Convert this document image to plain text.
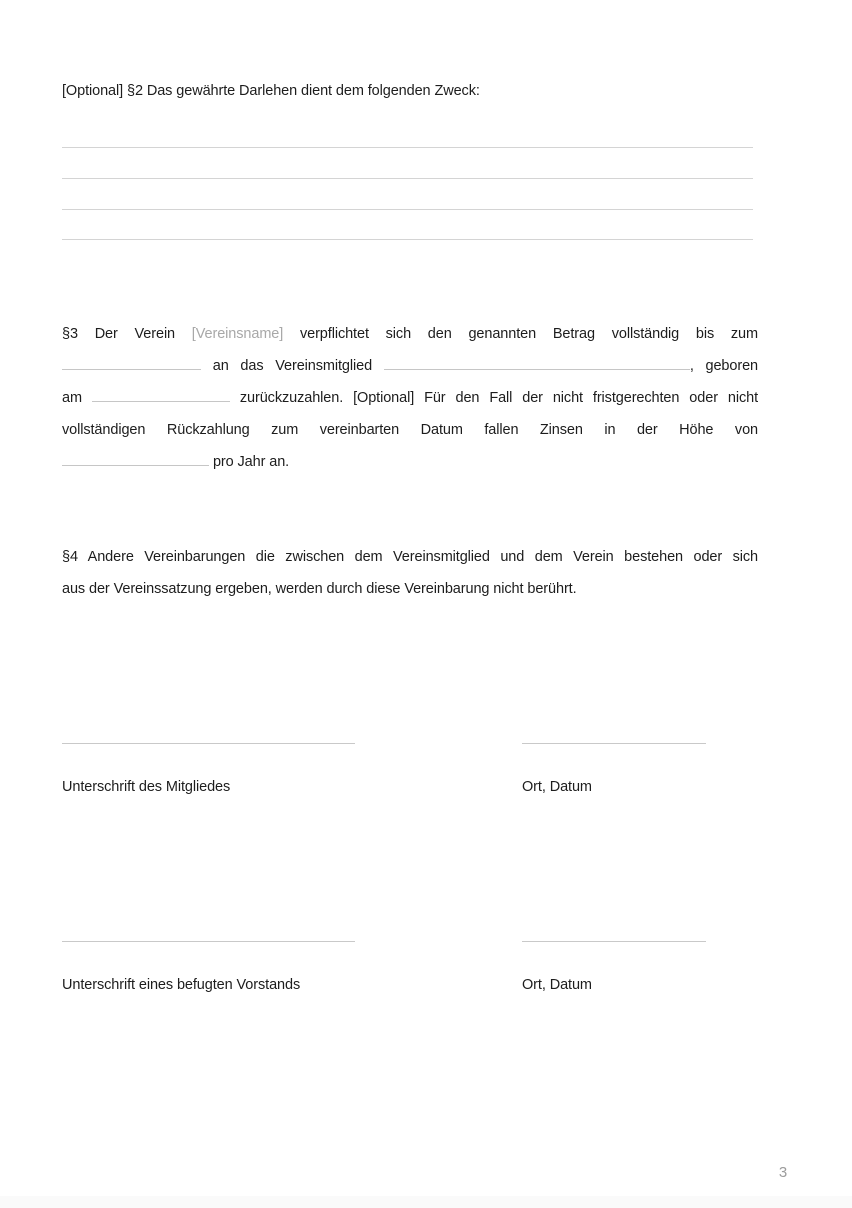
[Optional] §2 Das gewährte Darlehen dient dem folgenden Zweck:
§3 Der Verein [Vereinsname] verpflichtet sich den genannten Betrag vollständig bis zum
an das Vereinsmitglied	, geboren
am	zurückzuzahlen. [Optional] Für den Fall der nicht fristgerechten oder nicht
vollständigen Rückzahlung zum vereinbarten Datum fallen Zinsen in der Höhe von
pro Jahr an.
§4 Andere Vereinbarungen die zwischen dem Vereinsmitglied und dem Verein bestehen oder sich
aus der Vereinssatzung ergeben, werden durch diese Vereinbarung nicht berührt.
Unterschrift des Mitgliedes	Ort, Datum
Unterschrift eines befugten Vorstands	Ort, Datum
3
